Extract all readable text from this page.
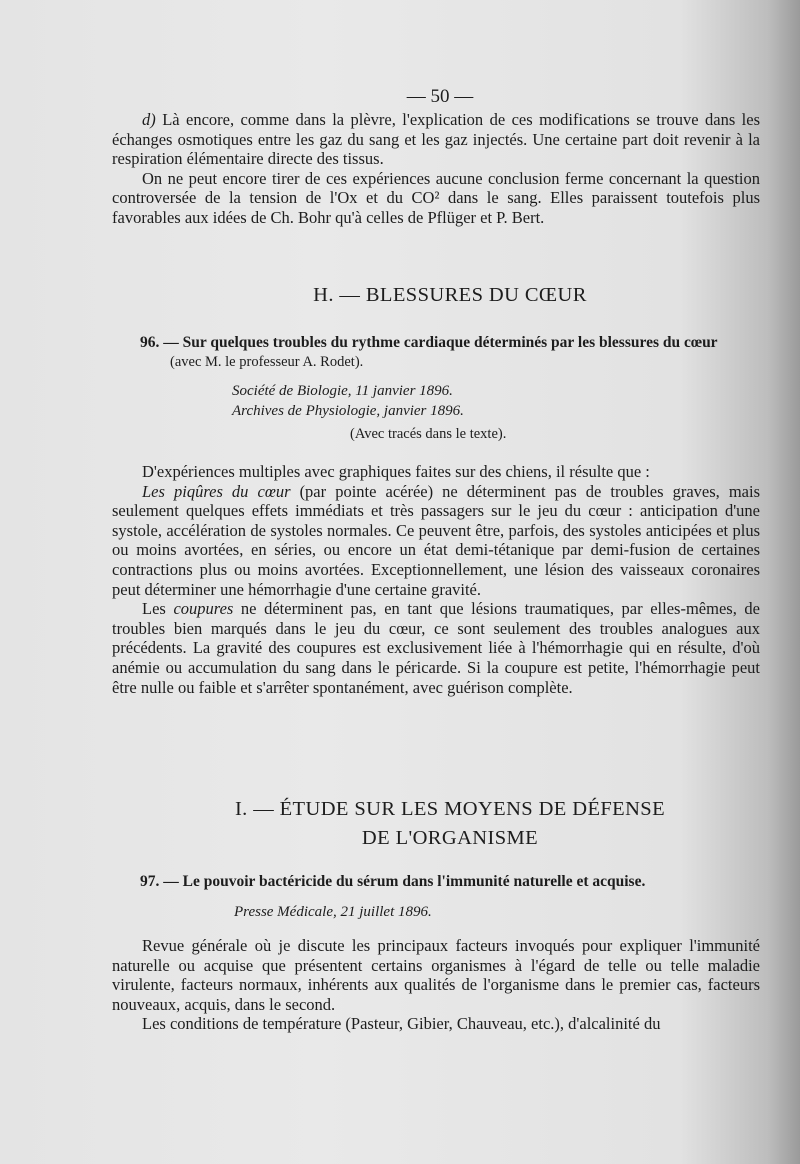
— 50 —

d) Là encore, comme dans la plèvre, l'explication de ces modifications se trouve dans les échanges osmotiques entre les gaz du sang et les gaz injectés. Une certaine part doit revenir à la respiration élémentaire directe des tissus.

On ne peut encore tirer de ces expériences aucune conclusion ferme concernant la question controversée de la tension de l'Ox et du CO² dans le sang. Elles paraissent toutefois plus favorables aux idées de Ch. Bohr qu'à celles de Pflüger et P. Bert.

H. — BLESSURES DU CŒUR
96. — Sur quelques troubles du rythme cardiaque déterminés par les blessures du cœur
(avec M. le professeur A. Rodet).
Société de Biologie, 11 janvier 1896.
Archives de Physiologie, janvier 1896.
(Avec tracés dans le texte).

D'expériences multiples avec graphiques faites sur des chiens, il résulte que :

Les piqûres du cœur (par pointe acérée) ne déterminent pas de troubles graves, mais seulement quelques effets immédiats et très passagers sur le jeu du cœur : anticipation d'une systole, accélération de systoles normales. Ce peuvent être, parfois, des systoles anticipées et plus ou moins avortées, en séries, ou encore un état demi-tétanique par demi-fusion de certaines contractions plus ou moins avortées. Exceptionnellement, une lésion des vaisseaux coronaires peut déterminer une hémorrhagie d'une certaine gravité.

Les coupures ne déterminent pas, en tant que lésions traumatiques, par elles-mêmes, de troubles bien marqués dans le jeu du cœur, ce sont seulement des troubles analogues aux précédents. La gravité des coupures est exclusivement liée à l'hémorrhagie qui en résulte, d'où anémie ou accumulation du sang dans le péricarde. Si la coupure est petite, l'hémorrhagie peut être nulle ou faible et s'arrêter spontanément, avec guérison complète.

I. — ÉTUDE SUR LES MOYENS DE DÉFENSE
DE L'ORGANISME
97. — Le pouvoir bactéricide du sérum dans l'immunité naturelle et acquise.
Presse Médicale, 21 juillet 1896.

Revue générale où je discute les principaux facteurs invoqués pour expliquer l'immunité naturelle ou acquise que présentent certains organismes à l'égard de telle ou telle maladie virulente, facteurs normaux, inhérents aux qualités de l'organisme dans le premier cas, facteurs nouveaux, acquis, dans le second.

Les conditions de température (Pasteur, Gibier, Chauveau, etc.), d'alcalinité du
